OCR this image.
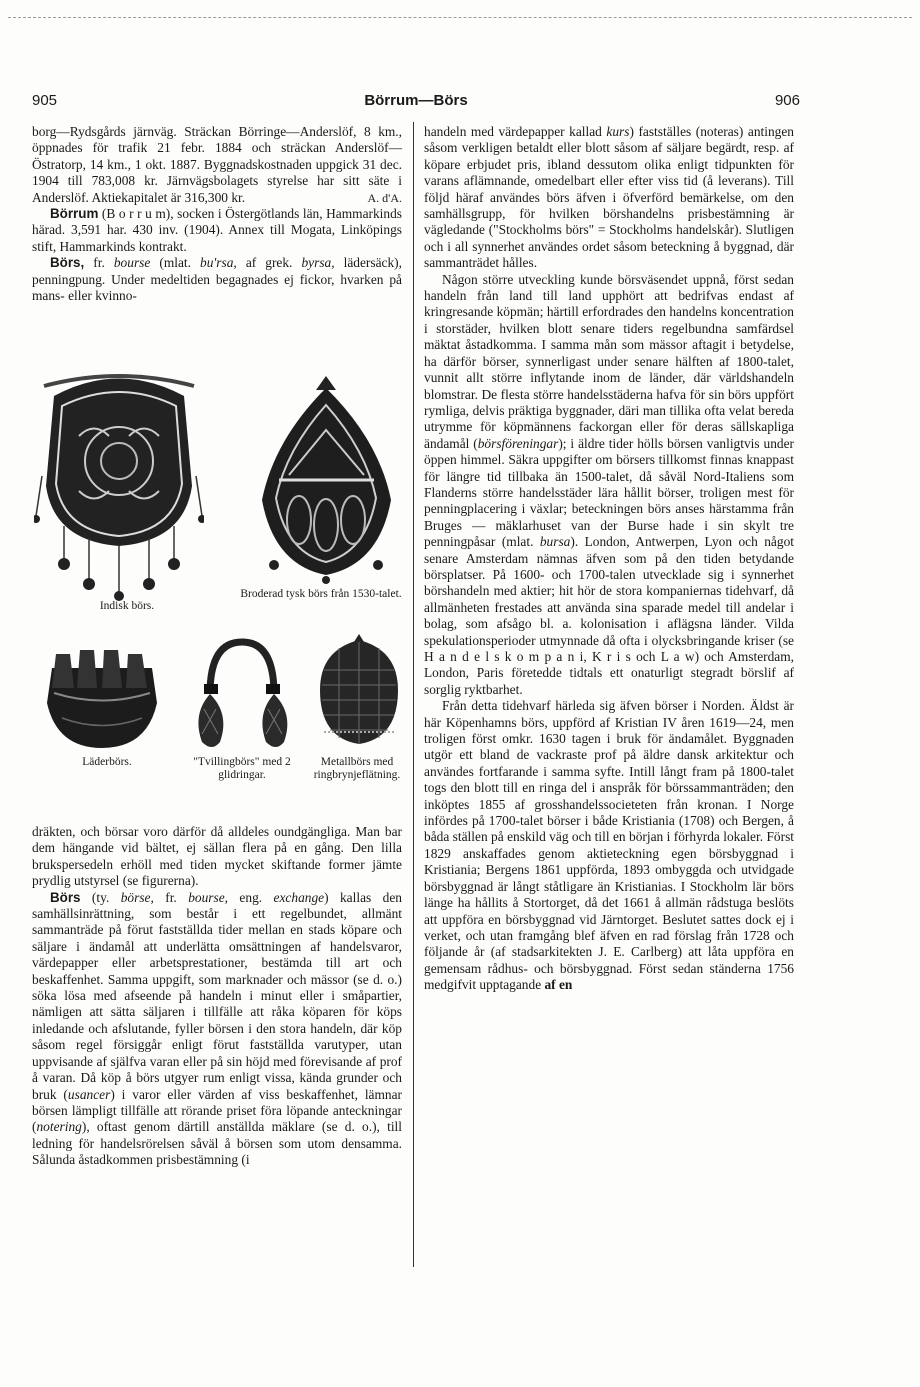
905	Börrum—Börs	906

borg—Rydsgårds järnväg. Sträckan Börringe—Anderslöf, 8 km., öppnades för trafik 21 febr. 1884 och sträckan Anderslöf—Östratorp, 14 km., 1 okt. 1887. Byggnadskostnaden uppgick 31 dec. 1904 till 783,008 kr. Järnvägsbolagets styrelse har sitt säte i Anderslöf. Aktiekapitalet är 316,300 kr.	A. d'A.

Börrum (B o r r u m), socken i Östergötlands län, Hammarkinds härad. 3,591 har. 430 inv. (1904). Annex till Mogata, Linköpings stift, Hammarkinds kontrakt.

Börs, fr. bourse (mlat. bu'rsa, af grek. byrsa, lädersäck), penningpung. Under medeltiden begagnades ej fickor, hvarken på mans- eller kvinno-

Indisk börs.
Broderad tysk börs från 1530-talet.
Läderbörs.	"Tvillingbörs" med 2 glidringar.
Metallbörs med ringbrynjeflätning.

dräkten, och börsar voro därför då alldeles oundgängliga. Man bar dem hängande vid bältet, ej sällan flera på en gång. Den lilla brukspersedeln erhöll med tiden mycket skiftande former jämte prydlig utstyrsel (se figurerna).

Börs (ty. börse, fr. bourse, eng. exchange) kallas den samhällsinrättning, som består i ett regelbundet, allmänt sammanträde på förut fastställda tider mellan en stads köpare och säljare i ändamål att underlätta omsättningen af handelsvaror, värdepapper eller arbetsprestationer, bestämda till art och beskaffenhet. Samma uppgift, som marknader och mässor (se d. o.) söka lösa med afseende på handeln i minut eller i småpartier, nämligen att sätta säljaren i tillfälle att råka köparen för köps inledande och afslutande, fyller börsen i den stora handeln, där köp såsom regel försiggår enligt förut fastställda varutyper, utan uppvisande af själfva varan eller på sin höjd med förevisande af prof å varan. Då köp å börs utgyer rum enligt vissa, kända grunder och bruk (usancer) i varor eller värden af viss beskaffenhet, lämnar börsen lämpligt tillfälle att rörande priset föra löpande anteckningar (notering), oftast genom därtill anställda mäklare (se d. o.), till ledning för handelsrörelsen såväl å börsen som utom densamma. Sålunda åstadkommen prisbestämning (i

handeln med värdepapper kallad kurs) fastställes (noteras) antingen såsom verkligen betaldt eller blott såsom af säljare begärdt, resp. af köpare erbjudet pris, ibland dessutom olika enligt tidpunkten för varans aflämnande, omedelbart eller efter viss tid (å leverans). Till följd häraf användes börs äfven i öfverförd bemärkelse, om den samhällsgrupp, för hvilken börshandelns prisbestämning är vägledande ("Stockholms börs" = Stockholms handelskår). Slutligen och i all synnerhet användes ordet såsom beteckning å byggnad, där sammanträdet hålles.

Någon större utveckling kunde börsväsendet uppnå, först sedan handeln från land till land upphört att bedrifvas endast af kringresande köpmän; härtill erfordrades den handelns koncentration i storstäder, hvilken blott senare tiders regelbundna samfärdsel mäktat åstadkomma. I samma mån som mässor aftagit i betydelse, ha därför börser, synnerligast under senare hälften af 1800-talet, vunnit allt större inflytande inom de länder, där världshandeln blomstrar. De flesta större handelsstäderna hafva för sin börs uppfört rymliga, delvis präktiga byggnader, däri man tillika ofta velat bereda utrymme för köpmännens fackorgan eller för deras sällskapliga ändamål (börsföreningar); i äldre tider hölls börsen vanligtvis under öppen himmel. Säkra uppgifter om börsers tillkomst finnas knappast för längre tid tillbaka än 1500-talet, då såväl Nord-Italiens som Flanderns större handelsstäder lära hållit börser, troligen mest för penningplacering i växlar; beteckningen börs anses härstamma från Bruges — mäklarhuset van der Burse hade i sin skylt tre penningpåsar (mlat. bursa). London, Antwerpen, Lyon och något senare Amsterdam nämnas äfven som på den tiden betydande börsplatser. På 1600- och 1700-talen utvecklade sig i synnerhet börshandeln med aktier; hit hör de stora kompaniernas tidehvarf, då allmänheten frestades att använda sina sparade medel till andelar i bolag, som afsågo bl. a. kolonisation i aflägsna länder. Vilda spekulationsperioder utmynnade då ofta i olycksbringande kriser (se H a n d e l s k o m p a n i, K r i s och L a w) och Amsterdam, London, Paris företedde tidtals ett onaturligt stegradt börslif af sorglig ryktbarhet.

Från detta tidehvarf härleda sig äfven börser i Norden. Äldst är här Köpenhamns börs, uppförd af Kristian IV åren 1619—24, men troligen först omkr. 1630 tagen i bruk för ändamålet. Byggnaden utgör ett bland de vackraste prof på äldre dansk arkitektur och användes fortfarande i samma syfte. Intill långt fram på 1800-talet togs den blott till en ringa del i anspråk för börssammanträden; den inköptes 1855 af grosshandelssocieteten från kronan. I Norge infördes på 1700-talet börser i både Kristiania (1708) och Bergen, å båda ställen på enskild väg och till en början i förhyrda lokaler. Först 1829 anskaffades genom aktieteckning egen börsbyggnad i Kristiania; Bergens 1861 uppförda, 1893 ombyggda och utvidgade börsbyggnad är långt ståtligare än Kristianias. I Stockholm lär börs länge ha hållits å Stortorget, då det 1661 å allmän rådstuga beslöts att uppföra en börsbyggnad vid Järntorget. Beslutet sattes dock ej i verket, och utan framgång blef äfven en rad förslag från 1728 och följande år (af stadsarkitekten J. E. Carlberg) att låta uppföra en gemensam rådhus- och börsbyggnad. Först sedan ständerna 1756 medgifvit upptagande af en
